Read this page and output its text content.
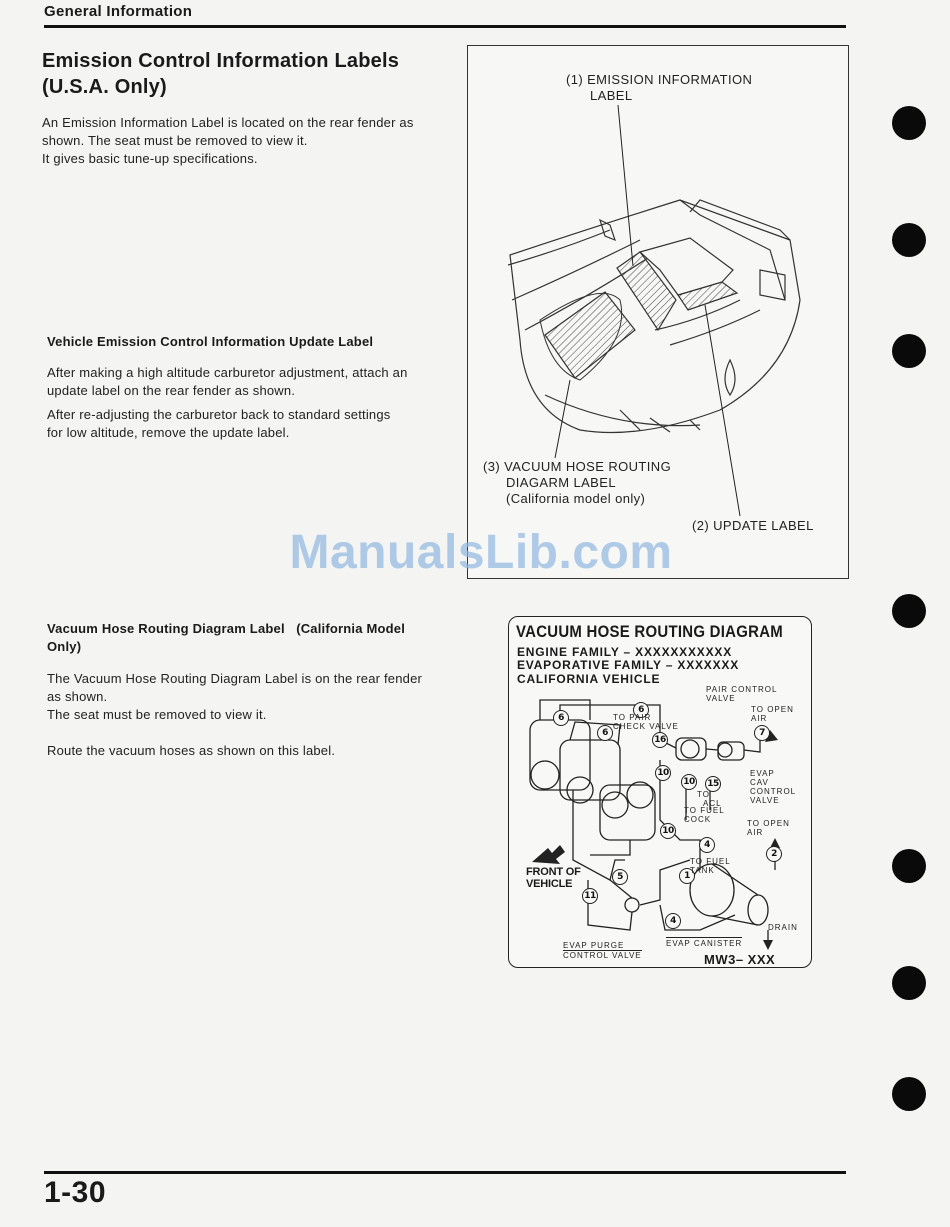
General Information
Emission Control Information Labels
(U.S.A. Only)

An Emission Information Label is located on the rear fender as

shown. The seat must be removed to view it.

It gives basic tune-up specifications.

Vehicle Emission Control Information Update Label

After making a high altitude carburetor adjustment, attach an

update label on the rear fender as shown.

After re-adjusting the carburetor back to standard settings

for low altitude, remove the update label.

Vacuum Hose Routing Diagram Label   (California Model
Only)

The Vacuum Hose Routing Diagram Label is on the rear fender

as shown.

The seat must be removed to view it.

Route the vacuum hoses as shown on this label.
(1) EMISSION INFORMATION
LABEL
(3) VACUUM HOSE ROUTING
DIAGARM LABEL
(California model only)
(2) UPDATE LABEL
ManualsLib.com
VACUUM HOSE ROUTING DIAGRAM
ENGINE FAMILY – XXXXXXXXXXX
EVAPORATIVE FAMILY – XXXXXXX
CALIFORNIA VEHICLE
6
6
6
16
7
10
10 15
10
4
2
5	1
11
4
PAIR CONTROL
VALVE
TO OPEN
AIR
TO PAIR
CHECK VALVE
EVAP
CAV
CONTROL
VALVE
TO
ACL
TO FUEL
COCK	TO OPEN
AIR
TO FUEL
TANK
FRONT OF
VEHICLE
DRAIN
EVAP CANISTER
EVAP PURGE
CONTROL VALVE	MW3– XXX
1-30
